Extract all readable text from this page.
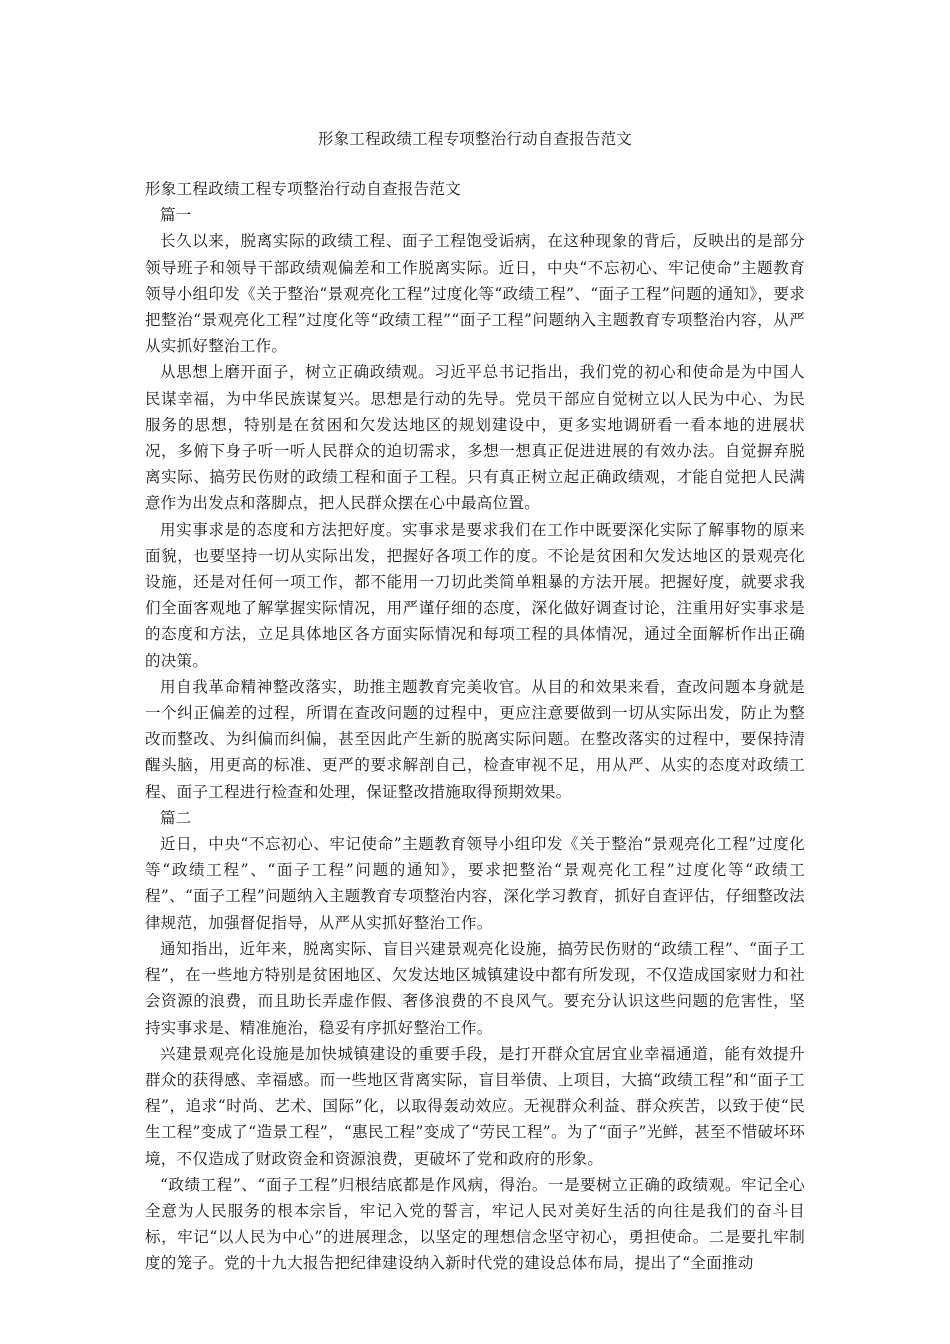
形象工程政绩工程专项整治行动自查报告范文

形象工程政绩工程专项整治行动自查报告范文

篇一

长久以来，脱离实际的政绩工程、面子工程饱受诟病，在这种现象的背后，反映出的是部分领导班子和领导干部政绩观偏差和工作脱离实际。近日，中央“不忘初心、牢记使命”主题教育领导小组印发《关于整治“景观亮化工程”过度化等“政绩工程”、“面子工程”问题的通知》，要求把整治“景观亮化工程”过度化等“政绩工程”“面子工程”问题纳入主题教育专项整治内容，从严从实抓好整治工作。

从思想上磨开面子，树立正确政绩观。习近平总书记指出，我们党的初心和使命是为中国人民谋幸福，为中华民族谋复兴。思想是行动的先导。党员干部应自觉树立以人民为中心、为民服务的思想，特别是在贫困和欠发达地区的规划建设中，更多实地调研看一看本地的进展状况，多俯下身子听一听人民群众的迫切需求，多想一想真正促进进展的有效办法。自觉摒弃脱离实际、搞劳民伤财的政绩工程和面子工程。只有真正树立起正确政绩观，才能自觉把人民满意作为出发点和落脚点，把人民群众摆在心中最高位置。

用实事求是的态度和方法把好度。实事求是要求我们在工作中既要深化实际了解事物的原来面貌，也要坚持一切从实际出发，把握好各项工作的度。不论是贫困和欠发达地区的景观亮化设施，还是对任何一项工作，都不能用一刀切此类简单粗暴的方法开展。把握好度，就要求我们全面客观地了解掌握实际情况，用严谨仔细的态度，深化做好调查讨论，注重用好实事求是的态度和方法，立足具体地区各方面实际情况和每项工程的具体情况，通过全面解析作出正确的决策。

用自我革命精神整改落实，助推主题教育完美收官。从目的和效果来看，查改问题本身就是一个纠正偏差的过程，所谓在查改问题的过程中，更应注意要做到一切从实际出发，防止为整改而整改、为纠偏而纠偏，甚至因此产生新的脱离实际问题。在整改落实的过程中，要保持清醒头脑，用更高的标准、更严的要求解剖自己，检查审视不足，用从严、从实的态度对政绩工程、面子工程进行检查和处理，保证整改措施取得预期效果。

篇二

近日，中央“不忘初心、牢记使命”主题教育领导小组印发《关于整治“景观亮化工程”过度化等“政绩工程”、“面子工程”问题的通知》，要求把整治“景观亮化工程”过度化等“政绩工程”、“面子工程”问题纳入主题教育专项整治内容，深化学习教育，抓好自查评估，仔细整改法律规范，加强督促指导，从严从实抓好整治工作。

通知指出，近年来，脱离实际、盲目兴建景观亮化设施，搞劳民伤财的“政绩工程”、“面子工程”，在一些地方特别是贫困地区、欠发达地区城镇建设中都有所发现，不仅造成国家财力和社会资源的浪费，而且助长弄虚作假、奢侈浪费的不良风气。要充分认识这些问题的危害性，坚持实事求是、精准施治，稳妥有序抓好整治工作。

兴建景观亮化设施是加快城镇建设的重要手段，是打开群众宜居宜业幸福通道，能有效提升群众的获得感、幸福感。而一些地区背离实际，盲目举债、上项目，大搞“政绩工程”和“面子工程”，追求“时尚、艺术、国际”化，以取得轰动效应。无视群众利益、群众疾苦，以致于使“民生工程”变成了“造景工程”，“惠民工程”变成了“劳民工程”。为了“面子”光鲜，甚至不惜破坏环境，不仅造成了财政资金和资源浪费，更破坏了党和政府的形象。

“政绩工程”、“面子工程”归根结底都是作风病，得治。一是要树立正确的政绩观。牢记全心全意为人民服务的根本宗旨，牢记入党的誓言，牢记人民对美好生活的向往是我们的奋斗目标，牢记“以人民为中心”的进展理念，以坚定的理想信念坚守初心，勇担使命。二是要扎牢制度的笼子。党的十九大报告把纪律建设纳入新时代党的建设总体布局，提出了“全面推动
